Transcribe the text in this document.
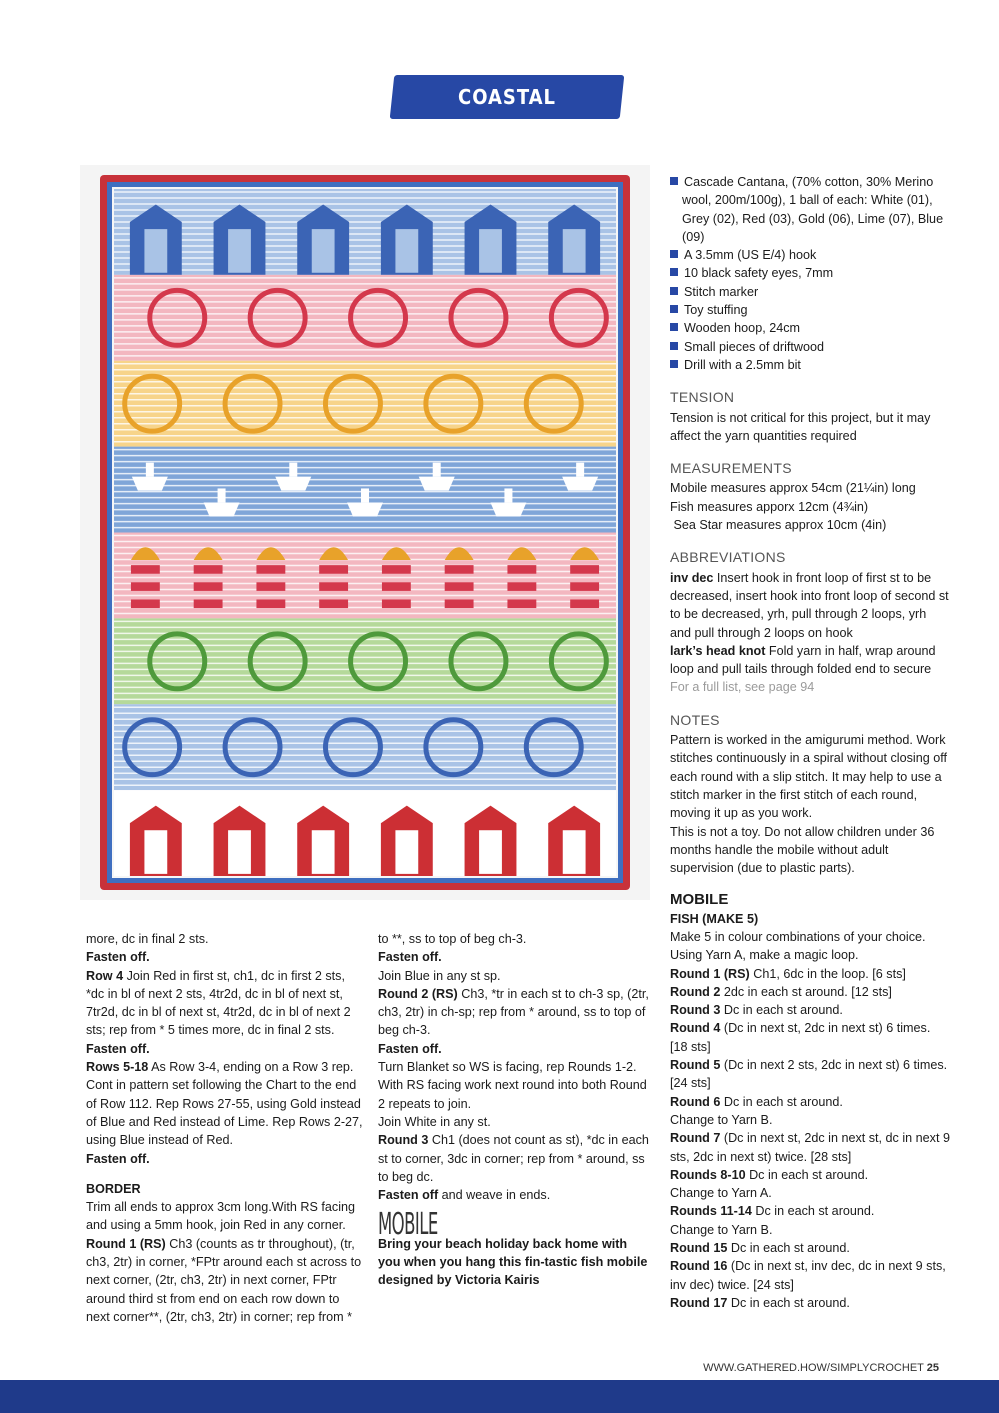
COASTAL COLLECTION

more, dc in final 2 sts.

Fasten off.

Row 4 Join Red in first st, ch1, dc in first 2 sts, *dc in bl of next 2 sts, 4tr2d, dc in bl of next st, 7tr2d, dc in bl of next st, 4tr2d, dc in bl of next 2 sts; rep from * 5 times more, dc in final 2 sts.

Fasten off.

Rows 5-18 As Row 3-4, ending on a Row 3 rep. Cont in pattern set following the Chart to the end of Row 112. Rep Rows 27-55, using Gold instead of Blue and Red instead of Lime. Rep Rows 2-27, using Blue instead of Red.

Fasten off.

BORDER

Trim all ends to approx 3cm long.With RS facing and using a 5mm hook, join Red in any corner.

Round 1 (RS) Ch3 (counts as tr throughout), (tr, ch3, 2tr) in corner, *FPtr around each st across to next corner, (2tr, ch3, 2tr) in next corner, FPtr around third st from end on each row down to next corner**, (2tr, ch3, 2tr) in corner; rep from *

to **, ss to top of beg ch-3.

Fasten off.

Join Blue in any st sp.

Round 2 (RS) Ch3, *tr in each st to ch-3 sp, (2tr, ch3, 2tr) in ch-sp; rep from * around, ss to top of beg ch-3.

Fasten off.

Turn Blanket so WS is facing, rep Rounds 1-2. With RS facing work next round into both Round 2 repeats to join.

Join White in any st.

Round 3 Ch1 (does not count as st), *dc in each st to corner, 3dc in corner; rep from * around, ss to beg dc.

Fasten off and weave in ends.

MOBILE

Bring your beach holiday back home with you when you hang this fin-tastic fish mobile designed by Victoria Kairis

Cascade Cantana, (70% cotton, 30% Merino wool, 200m/100g), 1 ball of each: White (01), Grey (02), Red (03), Gold (06), Lime (07), Blue (09)

A 3.5mm (US E/4) hook

10 black safety eyes, 7mm

Stitch marker

Toy stuffing

Wooden hoop, 24cm

Small pieces of driftwood

Drill with a 2.5mm bit

TENSION

Tension is not critical for this project, but it may affect the yarn quantities required

MEASUREMENTS

Mobile measures approx 54cm (21¼in) long

Fish measures apporx 12cm (4¾in)

Sea Star measures approx 10cm (4in)

ABBREVIATIONS

inv dec Insert hook in front loop of first st to be decreased, insert hook into front loop of second st to be decreased, yrh, pull through 2 loops, yrh and pull through 2 loops on hook

lark’s head knot Fold yarn in half, wrap around loop and pull tails through folded end to secure

For a full list, see page 94

NOTES

Pattern is worked in the amigurumi method. Work stitches continuously in a spiral without closing off each round with a slip stitch. It may help to use a stitch marker in the first stitch of each round, moving it up as you work.

This is not a toy. Do not allow children under 36 months handle the mobile without adult supervision (due to plastic parts).

MOBILE
FISH (MAKE 5)

Make 5 in colour combinations of your choice.

Using Yarn A, make a magic loop.

Round 1 (RS) Ch1, 6dc in the loop. [6 sts]

Round 2 2dc in each st around. [12 sts]

Round 3 Dc in each st around.

Round 4 (Dc in next st, 2dc in next st) 6 times. [18 sts]

Round 5 (Dc in next 2 sts, 2dc in next st) 6 times. [24 sts]

Round 6 Dc in each st around.

Change to Yarn B.

Round 7 (Dc in next st, 2dc in next st, dc in next 9 sts, 2dc in next st) twice. [28 sts]

Rounds 8-10 Dc in each st around.

Change to Yarn A.

Rounds 11-14 Dc in each st around.

Change to Yarn B.

Round 15 Dc in each st around.

Round 16 (Dc in next st, inv dec, dc in next 9 sts, inv dec) twice. [24 sts]

Round 17 Dc in each st around.

WWW.GATHERED.HOW/SIMPLYCROCHET 25
